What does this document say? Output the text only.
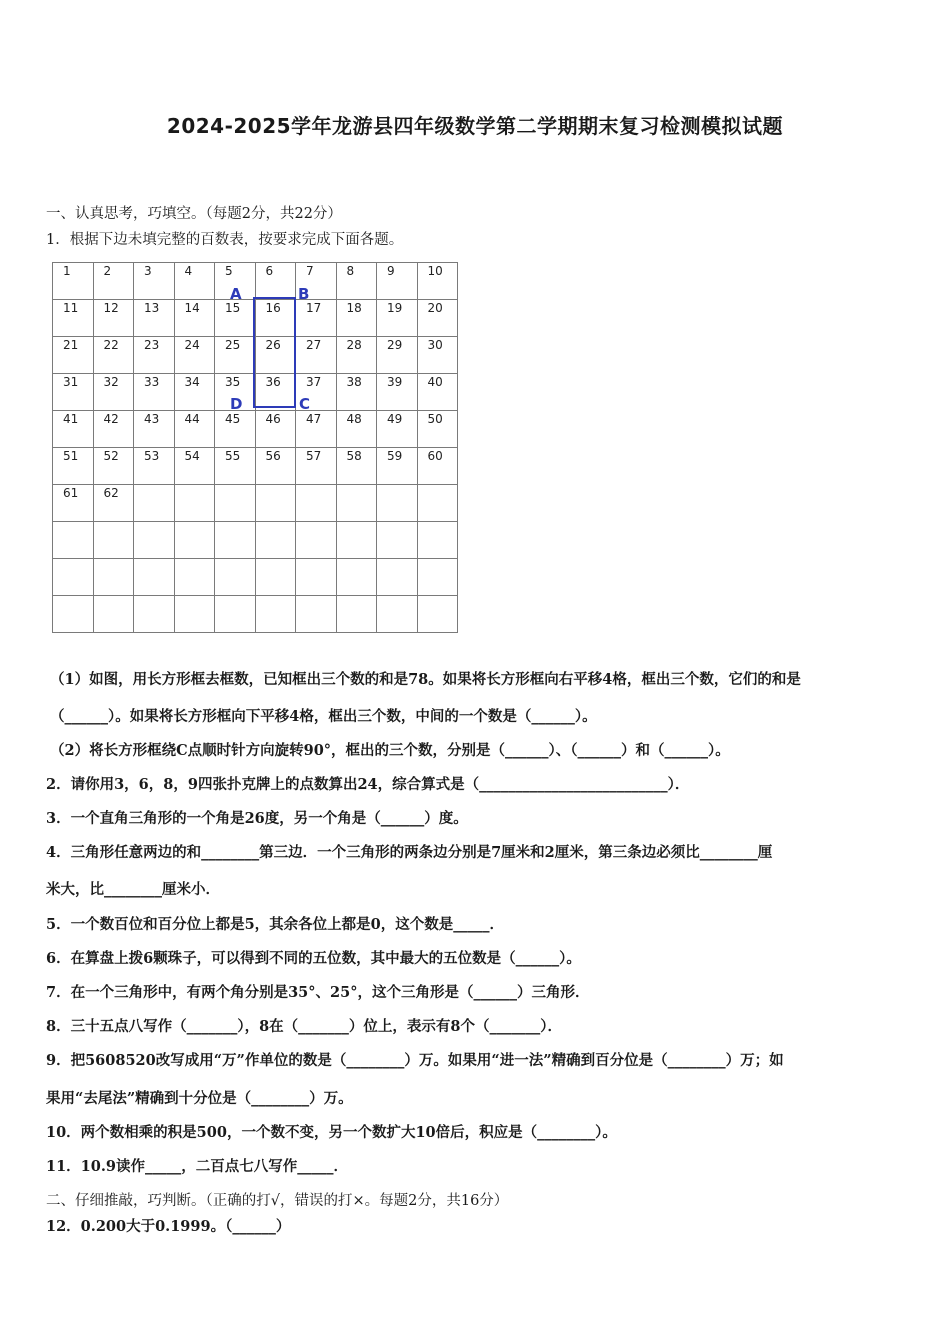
2024-2025学年龙游县四年级数学第二学期期末复习检测模拟试题
一、认真思考，巧填空。（每题2分，共22分）
1．根据下边未填完整的百数表，按要求完成下面各题。
1	2	3	4	5	6	7	8	9	10

11	12	13	14	15	16	17	18	19	20

21	22	23	24	25	26	27	28	29	30

31	32	33	34	35	36	37	38	39	40

41	42	43	44	45	46	47	48	49	50

51	52	53	54	55	56	57	58	59	60

61	62								

A	B
C
D
（1）如图，用长方形框去框数，已知框出三个数的和是78。如果将长方形框向右平移4格，框出三个数，它们的和是
（______）。如果将长方形框向下平移4格，框出三个数，中间的一个数是（______）。
（2）将长方形框绕C点顺时针方向旋转90°，框出的三个数，分别是（______）、（______）和（______）。
2．请你用3，6，8，9四张扑克牌上的点数算出24，综合算式是（__________________________）．
3．一个直角三角形的一个角是26度，另一个角是（______）度。
4．三角形任意两边的和________第三边．一个三角形的两条边分别是7厘米和2厘米，第三条边必须比________厘
米大，比________厘米小．
5．一个数百位和百分位上都是5，其余各位上都是0，这个数是_____．
6．在算盘上拨6颗珠子，可以得到不同的五位数，其中最大的五位数是（______）。
7．在一个三角形中，有两个角分别是35°、25°，这个三角形是（______）三角形．
8．三十五点八写作（_______），8在（_______）位上，表示有8个（_______）．
9．把5608520改写成用“万”作单位的数是（________）万。如果用“进一法”精确到百分位是（________）万；如
果用“去尾法”精确到十分位是（________）万。
10．两个数相乘的积是500，一个数不变，另一个数扩大10倍后，积应是（________）。
11．10.9读作_____，二百点七八写作_____．
二、仔细推敲，巧判断。（正确的打√，错误的打×。每题2分，共16分）
12．0.200大于0.1999。（______）
